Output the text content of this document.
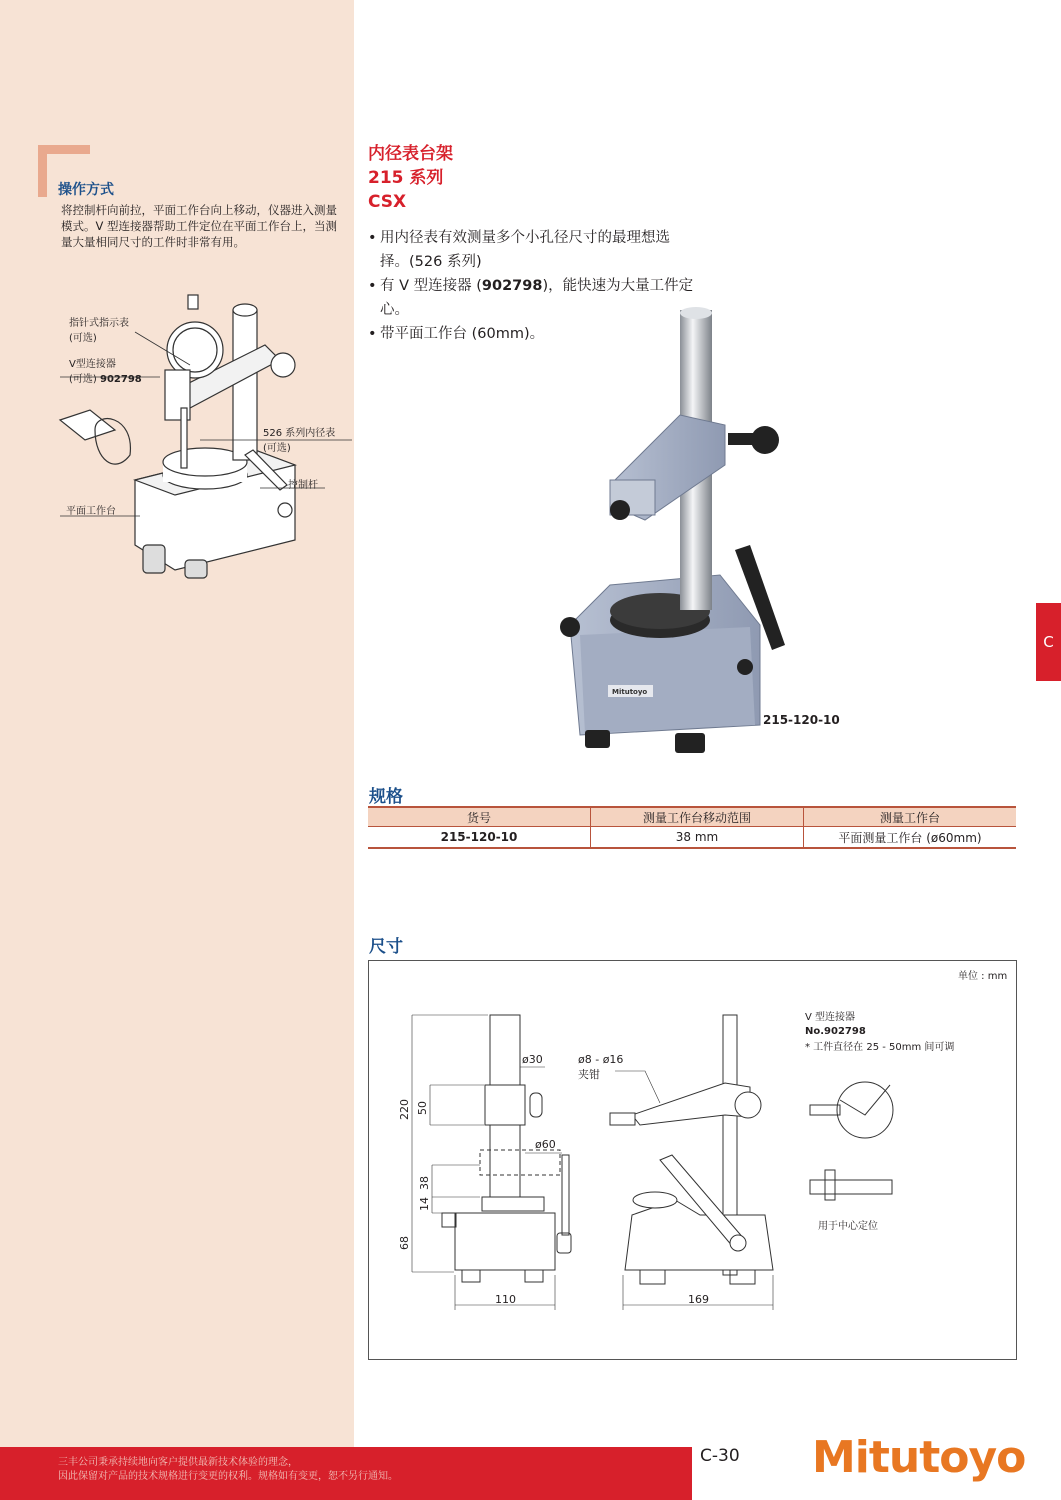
操作方式
将控制杆向前拉，平面工作台向上移动，仪器进入测量模式。V 型连接器帮助工件定位在平面工作台上，当测量大量相同尺寸的工件时非常有用。
指针式指示表
(可选)
V型连接器
(可选) 902798
526 系列内径表
(可选)
控制杆
平面工作台
内径表台架
215 系列
CSX
• 用内径表有效测量多个小孔径尺寸的最理想选择。(526 系列)
• 有 V 型连接器 (902798)，能快速为大量工件定心。
• 带平面工作台 (60mm)。
Mitutoyo
215-120-10
C
规格
货号	测量工作台移动范围	测量工作台
215-120-10	38 mm	平面测量工作台 (ø60mm)
尺寸
单位 : mm
ø30
ø60
ø8 - ø16
夹钳
220 50
38
14
68
110	169
V 型连接器
No.902798
* 工件直径在 25 - 50mm 间可调
用于中心定位
三丰公司秉承持续地向客户提供最新技术体验的理念，
因此保留对产品的技术规格进行变更的权利。规格如有变更，恕不另行通知。
C-30 Mitutoyo
